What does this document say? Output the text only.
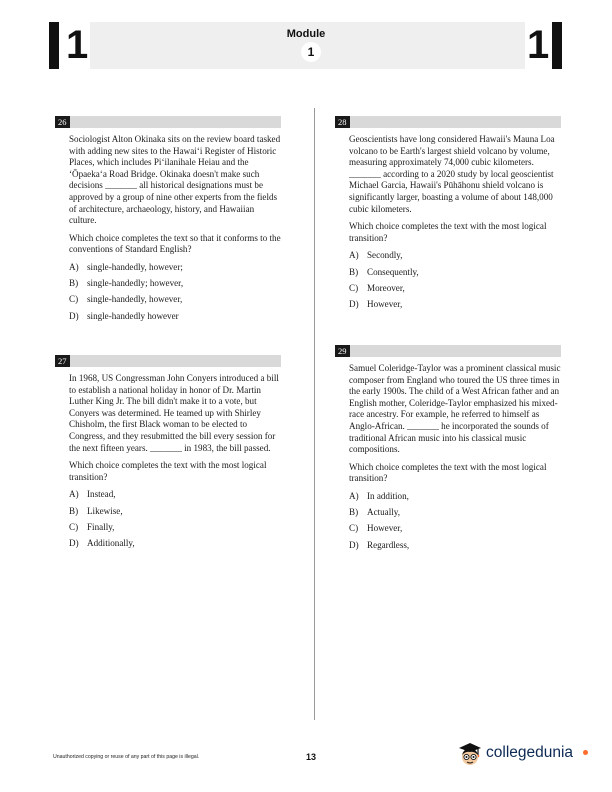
1	1
Module
1
26

Sociologist Alton Okinaka sits on the review board tasked with adding new sites to the Hawaiʻi Register of Historic Places, which includes Piʻilanihale Heiau and the ʻŌpaekaʻa Road Bridge. Okinaka doesn't make such decisions _______ all historical designations must be approved by a group of nine other experts from the fields of architecture, archaeology, history, and Hawaiian culture.

Which choice completes the text so that it conforms to the conventions of Standard English?

A) single-handedly, however;
B) single-handedly; however,
C) single-handedly, however,
D) single-handedly however
27

In 1968, US Congressman John Conyers introduced a bill to establish a national holiday in honor of Dr. Martin Luther King Jr. The bill didn't make it to a vote, but Conyers was determined. He teamed up with Shirley Chisholm, the first Black woman to be elected to Congress, and they resubmitted the bill every session for the next fifteen years. _______ in 1983, the bill passed.

Which choice completes the text with the most logical transition?

A) Instead,
B) Likewise,
C) Finally,
D) Additionally,
28

Geoscientists have long considered Hawaii's Mauna Loa volcano to be Earth's largest shield volcano by volume, measuring approximately 74,000 cubic kilometers. _______ according to a 2020 study by local geoscientist Michael Garcia, Hawaii's Pūhāhonu shield volcano is significantly larger, boasting a volume of about 148,000 cubic kilometers.

Which choice completes the text with the most logical transition?

A) Secondly,
B) Consequently,
C) Moreover,
D) However,
29

Samuel Coleridge-Taylor was a prominent classical music composer from England who toured the US three times in the early 1900s. The child of a West African father and an English mother, Coleridge-Taylor emphasized his mixed-race ancestry. For example, he referred to himself as Anglo-African. _______ he incorporated the sounds of traditional African music into his classical music compositions.

Which choice completes the text with the most logical transition?

A) In addition,
B) Actually,
C) However,
D) Regardless,
Unauthorized copying or reuse of any part of this page is illegal.	13	collegedunia
